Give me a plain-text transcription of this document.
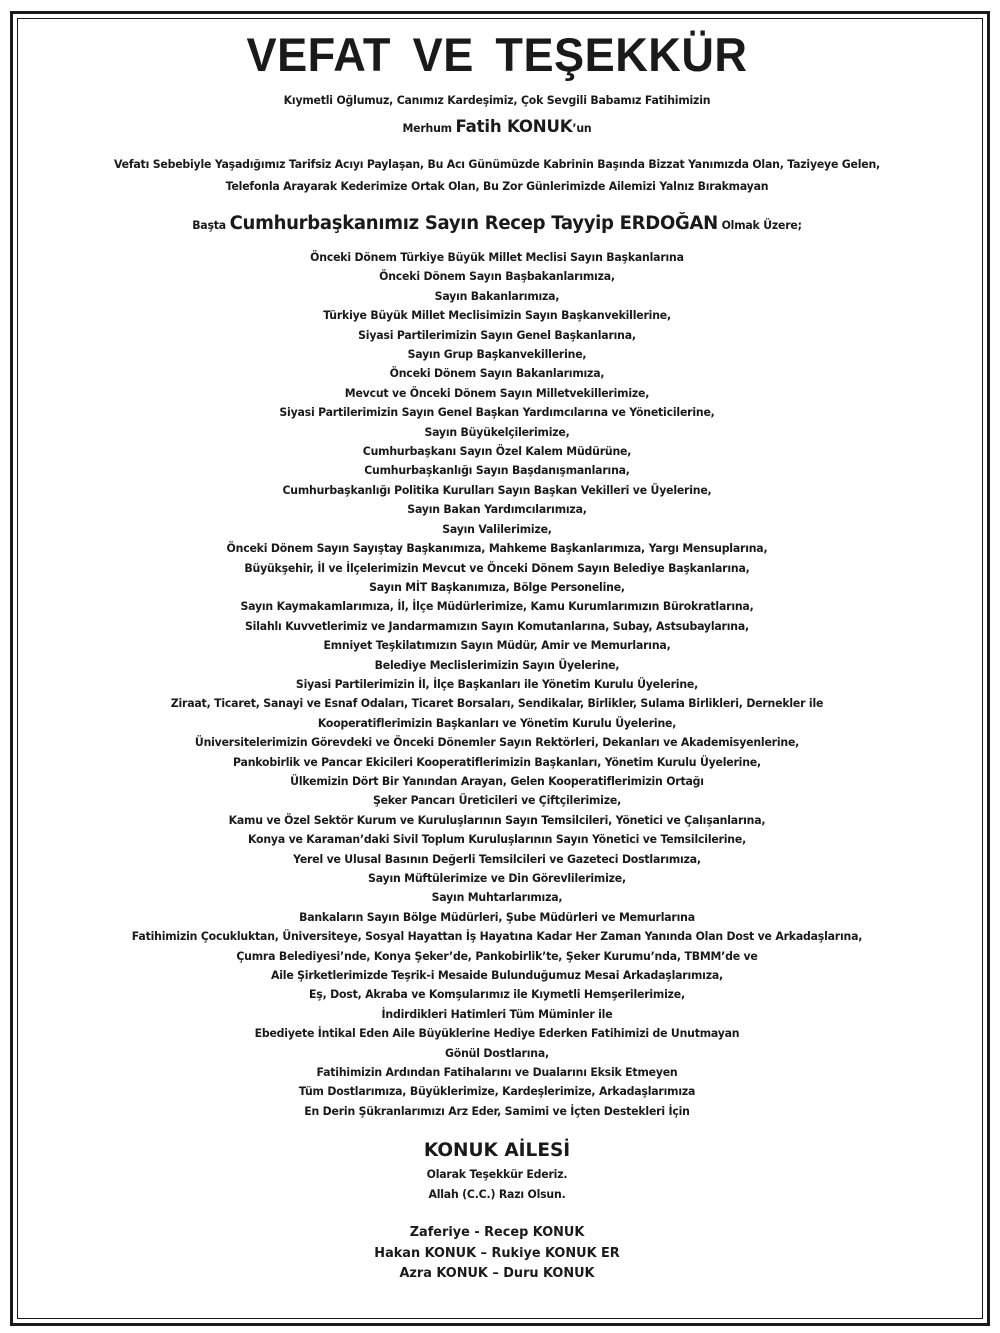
VEFAT VE TEŞEKKÜR
Kıymetli Oğlumuz, Canımız Kardeşimiz, Çok Sevgili Babamız Fatihimizin
Merhum Fatih KONUK’un
Vefatı Sebebiyle Yaşadığımız Tarifsiz Acıyı Paylaşan, Bu Acı Günümüzde Kabrinin Başında Bizzat Yanımızda Olan, Taziyeye Gelen,
Telefonla Arayarak Kederimize Ortak Olan, Bu Zor Günlerimizde Ailemizi Yalnız Bırakmayan
Başta Cumhurbaşkanımız Sayın Recep Tayyip ERDOĞAN Olmak Üzere;
Önceki Dönem Türkiye Büyük Millet Meclisi Sayın Başkanlarına
Önceki Dönem Sayın Başbakanlarımıza,
Sayın Bakanlarımıza,
Türkiye Büyük Millet Meclisimizin Sayın Başkanvekillerine,
Siyasi Partilerimizin Sayın Genel Başkanlarına,
Sayın Grup Başkanvekillerine,
Önceki Dönem Sayın Bakanlarımıza,
Mevcut ve Önceki Dönem Sayın Milletvekillerimize,
Siyasi Partilerimizin Sayın Genel Başkan Yardımcılarına ve Yöneticilerine,
Sayın Büyükelçilerimize,
Cumhurbaşkanı Sayın Özel Kalem Müdürüne,
Cumhurbaşkanlığı Sayın Başdanışmanlarına,
Cumhurbaşkanlığı Politika Kurulları Sayın Başkan Vekilleri ve Üyelerine,
Sayın Bakan Yardımcılarımıza,
Sayın Valilerimize,
Önceki Dönem Sayın Sayıştay Başkanımıza, Mahkeme Başkanlarımıza, Yargı Mensuplarına,
Büyükşehir, İl ve İlçelerimizin Mevcut ve Önceki Dönem Sayın Belediye Başkanlarına,
Sayın MİT Başkanımıza, Bölge Personeline,
Sayın Kaymakamlarımıza, İl, İlçe Müdürlerimize, Kamu Kurumlarımızın Bürokratlarına,
Silahlı Kuvvetlerimiz ve Jandarmamızın Sayın Komutanlarına, Subay, Astsubaylarına,
Emniyet Teşkilatımızın Sayın Müdür, Amir ve Memurlarına,
Belediye Meclislerimizin Sayın Üyelerine,
Siyasi Partilerimizin İl, İlçe Başkanları ile Yönetim Kurulu Üyelerine,
Ziraat, Ticaret, Sanayi ve Esnaf Odaları, Ticaret Borsaları, Sendikalar, Birlikler, Sulama Birlikleri, Dernekler ile
Kooperatiflerimizin Başkanları ve Yönetim Kurulu Üyelerine,
Üniversitelerimizin Görevdeki ve Önceki Dönemler Sayın Rektörleri, Dekanları ve Akademisyenlerine,
Pankobirlik ve Pancar Ekicileri Kooperatiflerimizin Başkanları, Yönetim Kurulu Üyelerine,
Ülkemizin Dört Bir Yanından Arayan, Gelen Kooperatiflerimizin Ortağı
Şeker Pancarı Üreticileri ve Çiftçilerimize,
Kamu ve Özel Sektör Kurum ve Kuruluşlarının Sayın Temsilcileri, Yönetici ve Çalışanlarına,
Konya ve Karaman’daki Sivil Toplum Kuruluşlarının Sayın Yönetici ve Temsilcilerine,
Yerel ve Ulusal Basının Değerli Temsilcileri ve Gazeteci Dostlarımıza,
Sayın Müftülerimize ve Din Görevlilerimize,
Sayın Muhtarlarımıza,
Bankaların Sayın Bölge Müdürleri, Şube Müdürleri ve Memurlarına
Fatihimizin Çocukluktan, Üniversiteye, Sosyal Hayattan İş Hayatına Kadar Her Zaman Yanında Olan Dost ve Arkadaşlarına,
Çumra Belediyesi’nde, Konya Şeker’de, Pankobirlik’te, Şeker Kurumu’nda, TBMM’de ve
Aile Şirketlerimizde Teşrik-i Mesaide Bulunduğumuz Mesai Arkadaşlarımıza,
Eş, Dost, Akraba ve Komşularımız ile Kıymetli Hemşerilerimize,
İndirdikleri Hatimleri Tüm Müminler ile
Ebediyete İntikal Eden Aile Büyüklerine Hediye Ederken Fatihimizi de Unutmayan
Gönül Dostlarına,
Fatihimizin Ardından Fatihalarını ve Dualarını Eksik Etmeyen
Tüm Dostlarımıza, Büyüklerimize, Kardeşlerimize, Arkadaşlarımıza
En Derin Şükranlarımızı Arz Eder, Samimi ve İçten Destekleri İçin
KONUK AİLESİ
Olarak Teşekkür Ederiz.
Allah (C.C.) Razı Olsun.
Zaferiye - Recep KONUK
Hakan KONUK – Rukiye KONUK ER
Azra KONUK – Duru KONUK
